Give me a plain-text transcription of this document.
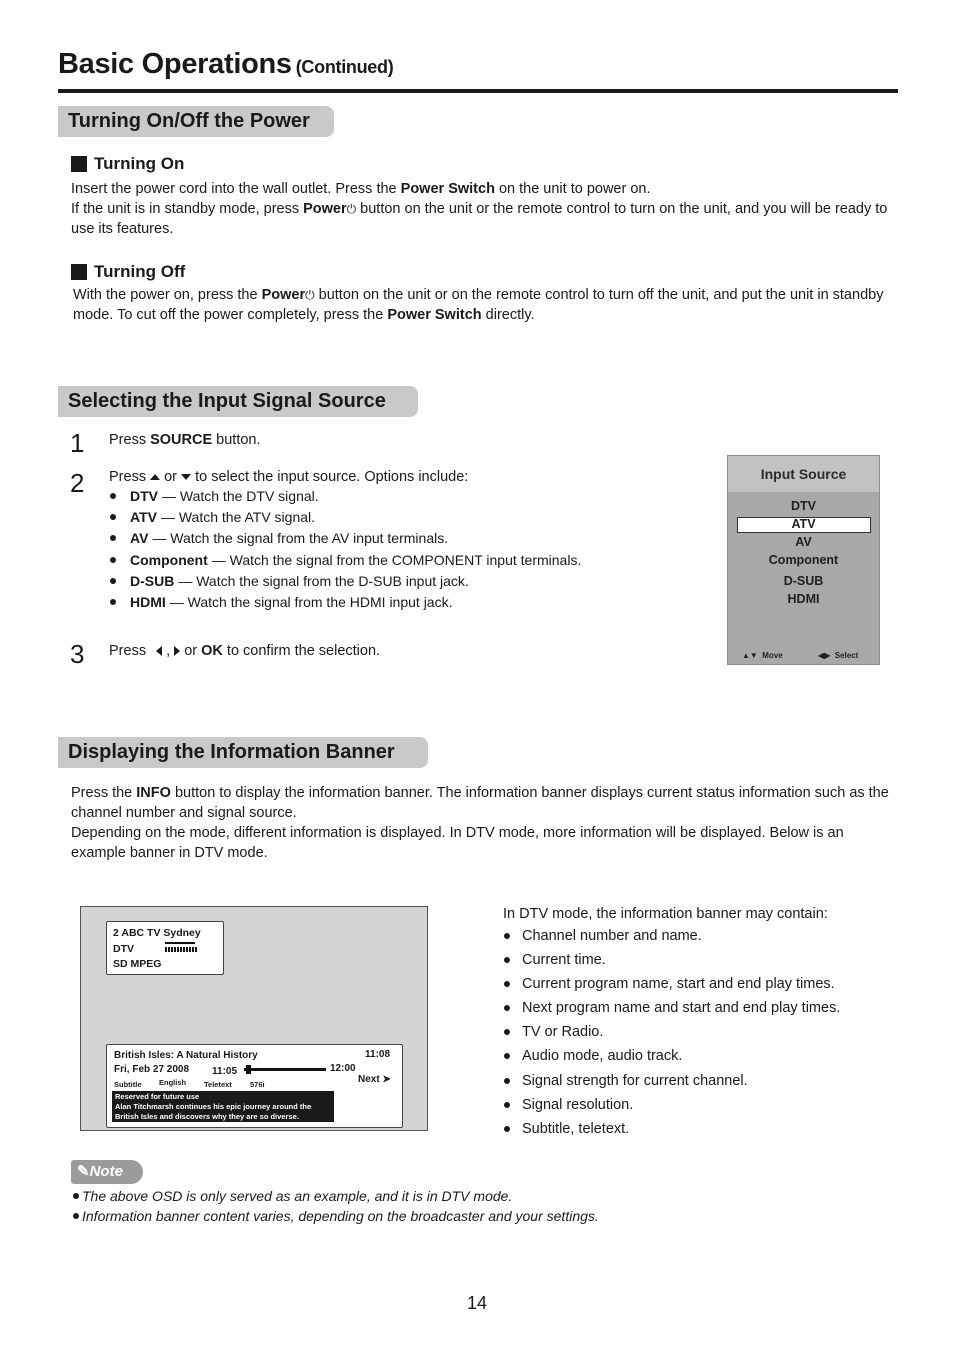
Basic Operations (Continued)
Turning On/Off the Power
Turning On
Insert the power cord into the wall outlet. Press the Power Switch on the unit to power on.
If the unit is in standby mode, press Power⏻ button on the unit or the remote control to turn on the unit, and you will be ready to use its features.
Turning Off
With the power on, press the Power⏻ button on the unit or on the remote control to turn off the unit, and put the unit in standby mode. To cut off the power completely, press the Power Switch directly.
Selecting the Input Signal Source
1 Press SOURCE button.
2 Press  or  to select the input source. Options include:
DTV — Watch the DTV signal.
ATV — Watch the ATV signal.
AV — Watch the signal from the AV input terminals.
Component — Watch the signal from the COMPONENT input terminals.
D-SUB — Watch the signal from the D-SUB input jack.
HDMI — Watch the signal from the HDMI input jack.
3 Press  ,  or OK to confirm the selection.
Input Source
DTV
ATV
AV
Component
D-SUB
HDMI
▲▼ Move	◀▶ Select
Displaying the Information Banner
Press the INFO button to display the information banner. The information banner displays current status information such as the channel number and signal source.
Depending on the mode, different information is displayed. In DTV mode, more information will be displayed. Below is an example banner in DTV mode.
2 ABC TV Sydney
DTV
SD MPEG
British Isles: A Natural History	11:08
Fri, Feb 27 2008 11:05	12:00
Next ➤
Subtitle English Teletext 576i
Reserved for future use
Alan Titchmarsh continues his epic journey around the
British Isles and discovers why they are so diverse.
In DTV mode, the information banner may contain:
Channel number and name.
Current time.
Current program name, start and end play times.
Next program name and start and end play times.
TV or Radio.
Audio mode, audio track.
Signal strength for current channel.
Signal resolution.
Subtitle, teletext.
✎Note
The above OSD is only served as an example, and it is in DTV mode.
Information banner content varies, depending on the broadcaster and your settings.
14
